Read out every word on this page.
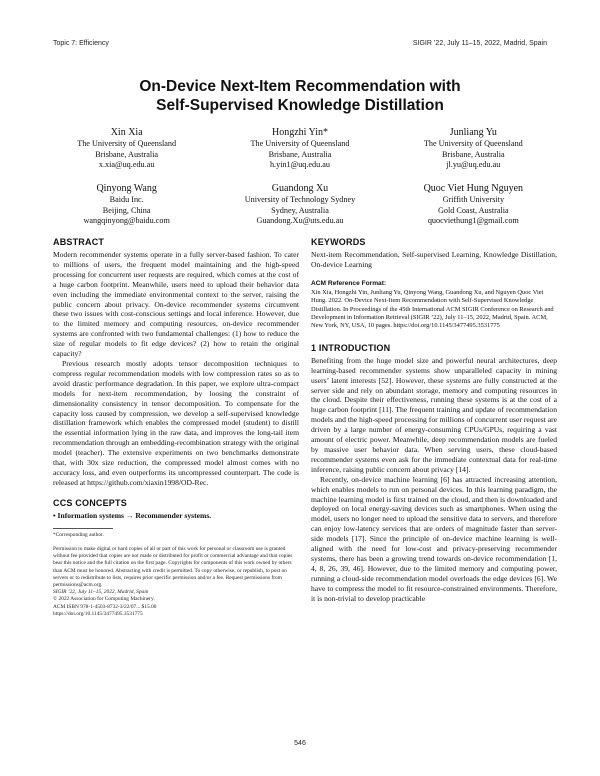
Topic 7: Efficiency	SIGIR ’22, July 11–15, 2022, Madrid, Spain
On-Device Next-Item Recommendation with
Self-Supervised Knowledge Distillation
Xin Xia
The University of Queensland
Brisbane, Australia
x.xia@uq.edu.au
Hongzhi Yin*
The University of Queensland
Brisbane, Australia
h.yin1@uq.edu.au
Junliang Yu
The University of Queensland
Brisbane, Australia
jl.yu@uq.edu.au
Qinyong Wang
Baidu Inc.
Beijing, China
wangqinyong@baidu.com
Guandong Xu
University of Technology Sydney
Sydney, Australia
Guandong.Xu@uts.edu.au
Quoc Viet Hung Nguyen
Griffith University
Gold Coast, Australia
quocviethung1@gmail.com
ABSTRACT

Modern recommender systems operate in a fully server-based fashion. To cater to millions of users, the frequent model maintaining and the high-speed processing for concurrent user requests are required, which comes at the cost of a huge carbon footprint. Meanwhile, users need to upload their behavior data even including the immediate environmental context to the server, raising the public concern about privacy. On-device recommender systems circumvent these two issues with cost-conscious settings and local inference. However, due to the limited memory and computing resources, on-device recommender systems are confronted with two fundamental challenges: (1) how to reduce the size of regular models to fit edge devices? (2) how to retain the original capacity?

Previous research mostly adopts tensor decomposition techniques to compress regular recommendation models with low compression rates so as to avoid drastic performance degradation. In this paper, we explore ultra-compact models for next-item recommendation, by loosing the constraint of dimensionality consistency in tensor decomposition. To compensate for the capacity loss caused by compression, we develop a self-supervised knowledge distillation framework which enables the compressed model (student) to distill the essential information lying in the raw data, and improves the long-tail item recommendation through an embedding-recombination strategy with the original model (teacher). The extensive experiments on two benchmarks demonstrate that, with 30x size reduction, the compressed model almost comes with no accuracy loss, and even outperforms its uncompressed counterpart. The code is released at https://github.com/xiaxin1998/OD-Rec.

CCS CONCEPTS

• Information systems → Recommender systems.

*Corresponding author.

Permission to make digital or hard copies of all or part of this work for personal or classroom use is granted without fee provided that copies are not made or distributed for profit or commercial advantage and that copies bear this notice and the full citation on the first page. Copyrights for components of this work owned by others than ACM must be honored. Abstracting with credit is permitted. To copy otherwise, or republish, to post on servers or to redistribute to lists, requires prior specific permission and/or a fee. Request permissions from permissions@acm.org.

SIGIR ’22, July 11–15, 2022, Madrid, Spain

© 2022 Association for Computing Machinery.

ACM ISBN 978-1-4503-8732-3/22/07... $15.00

https://doi.org/10.1145/3477495.3531775

KEYWORDS

Next-item Recommendation, Self-supervised Learning, Knowledge Distillation, On-device Learning

ACM Reference Format:

Xin Xia, Hongzhi Yin, Junliang Yu, Qinyong Wang, Guandong Xu, and Nguyen Quoc Viet Hung. 2022. On-Device Next-Item Recommendation with Self-Supervised Knowledge Distillation. In Proceedings of the 45th International ACM SIGIR Conference on Research and Development in Information Retrieval (SIGIR ’22), July 11–15, 2022, Madrid, Spain. ACM, New York, NY, USA, 10 pages. https://doi.org/10.1145/3477495.3531775

1 INTRODUCTION

Benefiting from the huge model size and powerful neural architectures, deep learning-based recommender systems show unparalleled capacity in mining users’ latent interests [52]. However, these systems are fully constructed at the server side and rely on abundant storage, memory and computing resources in the cloud. Despite their effectiveness, running these systems is at the cost of a huge carbon footprint [11]. The frequent training and update of recommendation models and the high-speed processing for millions of concurrent user request are driven by a large number of energy-consuming CPUs/GPUs, requiring a vast amount of electric power. Meanwhile, deep recommendation models are fueled by massive user behavior data. When serving users, these cloud-based recommender systems even ask for the immediate contextual data for real-time inference, raising public concern about privacy [14].

Recently, on-device machine learning [6] has attracted increasing attention, which enables models to run on personal devices. In this learning paradigm, the machine learning model is first trained on the cloud, and then is downloaded and deployed on local energy-saving devices such as smartphones. When using the model, users no longer need to upload the sensitive data to servers, and therefore can enjoy low-latency services that are orders of magnitude faster than server-side models [17]. Since the principle of on-device machine learning is well-aligned with the need for low-cost and privacy-preserving recommender systems, there has been a growing trend towards on-device recommendation [1, 4, 8, 26, 39, 46]. However, due to the limited memory and computing power, running a cloud-side recommendation model overloads the edge devices [6]. We have to compress the model to fit resource-constrained environments. Therefore, it is non-trivial to develop practicable

546
